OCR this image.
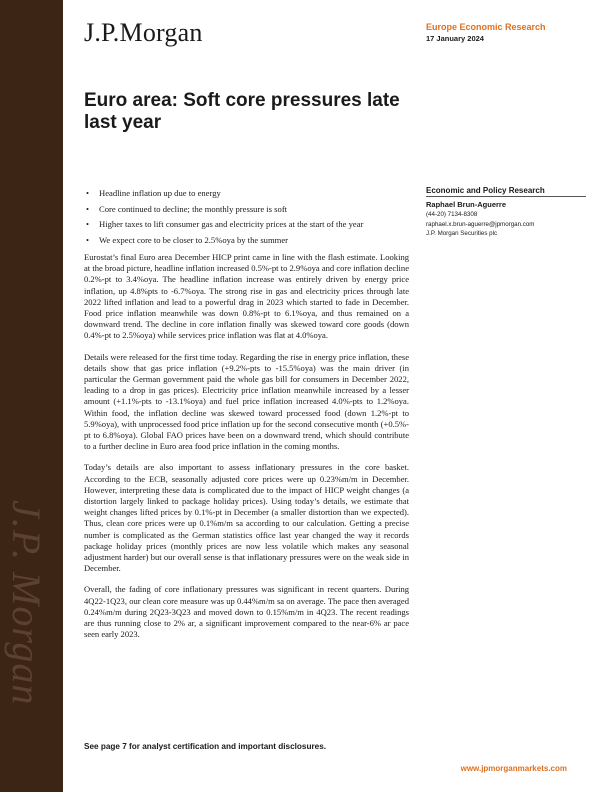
J.P. Morgan
J.P.Morgan	Europe Economic Research
17 January 2024
Euro area: Soft core pressures late last year
• Headline inflation up due to energy
• Core continued to decline; the monthly pressure is soft
• Higher taxes to lift consumer gas and electricity prices at the start of the year
• We expect core to be closer to 2.5%oya by the summer
Economic and Policy Research
Raphael Brun-Aguerre
(44-20) 7134-8308
raphael.x.brun-aguerre@jpmorgan.com
J.P. Morgan Securities plc

Eurostat’s final Euro area December HICP print came in line with the flash estimate. Looking at the broad picture, headline inflation increased 0.5%-pt to 2.9%oya and core inflation decline 0.2%-pt to 3.4%oya. The headline inflation increase was entirely driven by energy price inflation, up 4.8%pts to -6.7%oya. The strong rise in gas and electricity prices through late 2022 lifted inflation and lead to a powerful drag in 2023 which started to fade in December. Food price inflation meanwhile was down 0.8%-pt to 6.1%oya, and thus remained on a downward trend. The decline in core inflation finally was skewed toward core goods (down 0.4%-pt to 2.5%oya) while services price inflation was flat at 4.0%oya.

Details were released for the first time today. Regarding the rise in energy price inflation, these details show that gas price inflation (+9.2%-pts to -15.5%oya) was the main driver (in particular the German government paid the whole gas bill for consumers in December 2022, leading to a drop in gas prices). Electricity price inflation meanwhile increased by a lesser amount (+1.1%-pts to -13.1%oya) and fuel price inflation increased 4.0%-pts to 1.2%oya. Within food, the inflation decline was skewed toward processed food (down 1.2%-pt to 5.9%oya), with unprocessed food price inflation up for the second consecutive month (+0.5%-pt to 6.8%oya). Global FAO prices have been on a downward trend, which should contribute to a further decline in Euro area food price inflation in the coming months.

Today’s details are also important to assess inflationary pressures in the core basket. According to the ECB, seasonally adjusted core prices were up 0.23%m/m in December. However, interpreting these data is complicated due to the impact of HICP weight changes (a distortion largely linked to package holiday prices). Using today’s details, we estimate that weight changes lifted prices by 0.1%-pt in December (a smaller distortion than we expected). Thus, clean core prices were up 0.1%m/m sa according to our calculation. Getting a precise number is complicated as the German statistics office last year changed the way it records package holiday prices (monthly prices are now less volatile which makes any seasonal adjustment harder) but our overall sense is that inflationary pressures were on the weak side in December.

Overall, the fading of core inflationary pressures was significant in recent quarters. During 4Q22-1Q23, our clean core measure was up 0.44%m/m sa on average. The pace then averaged 0.24%m/m during 2Q23-3Q23 and moved down to 0.15%m/m in 4Q23. The recent readings are thus running close to 2% ar, a significant improvement compared to the near-6% ar pace seen early 2023.

See page 7 for analyst certification and important disclosures.
www.jpmorganmarkets.com
